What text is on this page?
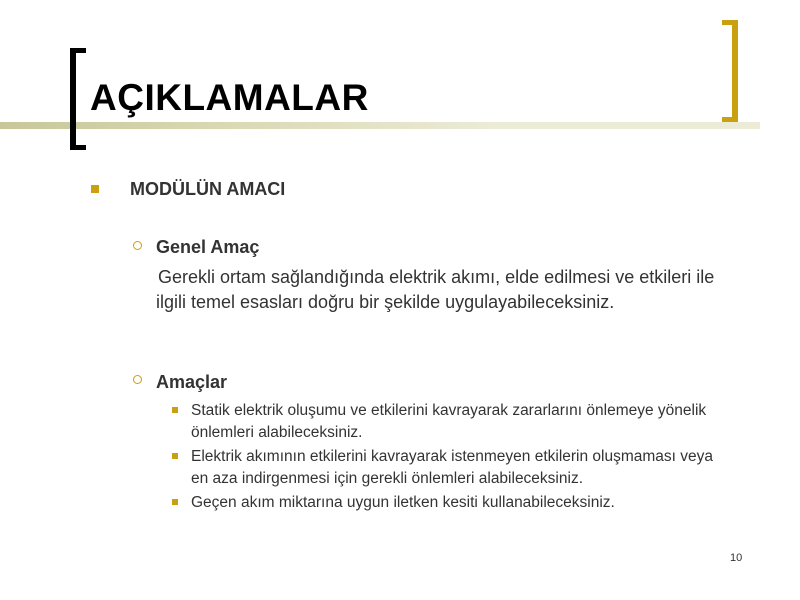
AÇIKLAMALAR
MODÜLÜN AMACI
Genel Amaç
Gerekli ortam sağlandığında elektrik akımı, elde edilmesi ve etkileri ile ilgili temel esasları doğru bir şekilde uygulayabileceksiniz.
Amaçlar
Statik elektrik oluşumu ve etkilerini kavrayarak zararlarını önlemeye yönelik önlemleri alabileceksiniz.
Elektrik akımının etkilerini kavrayarak istenmeyen etkilerin oluşmaması veya en aza indirgenmesi için gerekli önlemleri alabileceksiniz.
Geçen akım miktarına uygun iletken kesiti kullanabileceksiniz.
10
